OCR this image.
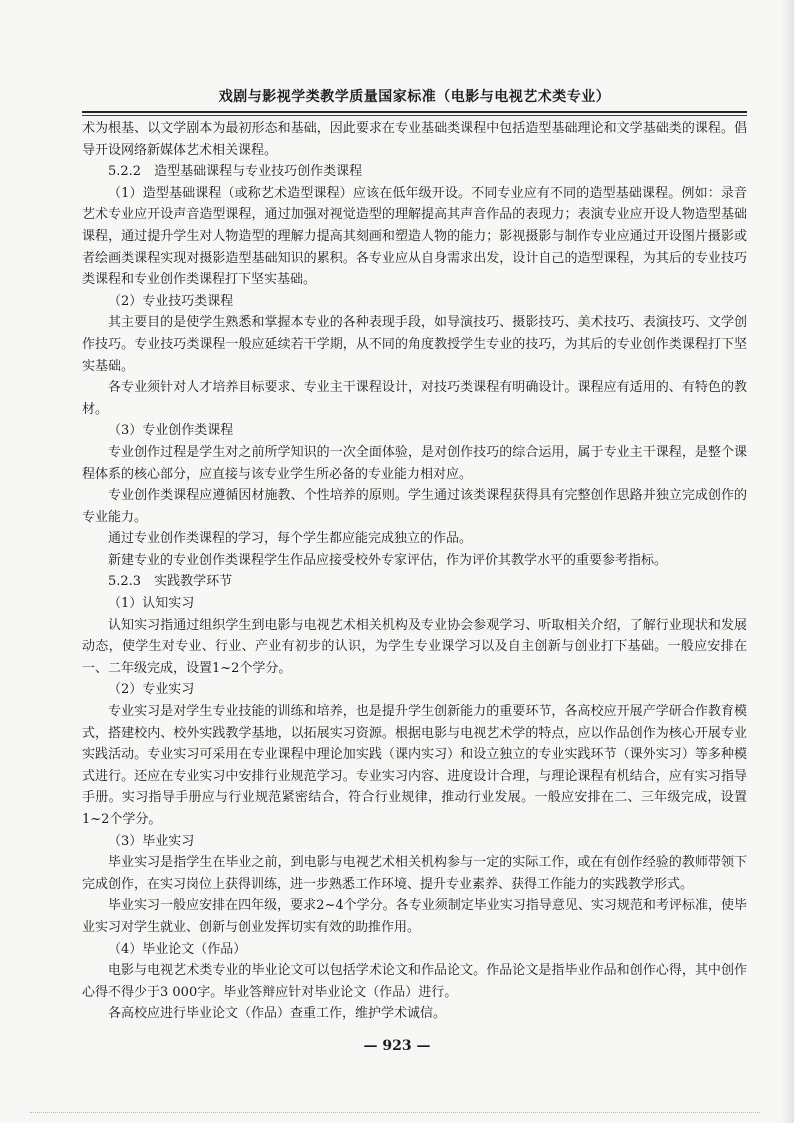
戏剧与影视学类教学质量国家标准（电影与电视艺术类专业）

术为根基、以文学剧本为最初形态和基础，因此要求在专业基础类课程中包括造型基础理论和文学基础类的课程。倡导开设网络新媒体艺术相关课程。

5.2.2　造型基础课程与专业技巧创作类课程

（1）造型基础课程（或称艺术造型课程）应该在低年级开设。不同专业应有不同的造型基础课程。例如：录音艺术专业应开设声音造型课程，通过加强对视觉造型的理解提高其声音作品的表现力；表演专业应开设人物造型基础课程，通过提升学生对人物造型的理解力提高其刻画和塑造人物的能力；影视摄影与制作专业应通过开设图片摄影或者绘画类课程实现对摄影造型基础知识的累积。各专业应从自身需求出发，设计自己的造型课程，为其后的专业技巧类课程和专业创作类课程打下坚实基础。

（2）专业技巧类课程

其主要目的是使学生熟悉和掌握本专业的各种表现手段，如导演技巧、摄影技巧、美术技巧、表演技巧、文学创作技巧。专业技巧类课程一般应延续若干学期，从不同的角度教授学生专业的技巧，为其后的专业创作类课程打下坚实基础。

各专业须针对人才培养目标要求、专业主干课程设计，对技巧类课程有明确设计。课程应有适用的、有特色的教材。

（3）专业创作类课程

专业创作过程是学生对之前所学知识的一次全面体验，是对创作技巧的综合运用，属于专业主干课程，是整个课程体系的核心部分，应直接与该专业学生所必备的专业能力相对应。

专业创作类课程应遵循因材施教、个性培养的原则。学生通过该类课程获得具有完整创作思路并独立完成创作的专业能力。

通过专业创作类课程的学习，每个学生都应能完成独立的作品。

新建专业的专业创作类课程学生作品应接受校外专家评估，作为评价其教学水平的重要参考指标。

5.2.3　实践教学环节

（1）认知实习

认知实习指通过组织学生到电影与电视艺术相关机构及专业协会参观学习、听取相关介绍，了解行业现状和发展动态，使学生对专业、行业、产业有初步的认识，为学生专业课学习以及自主创新与创业打下基础。一般应安排在一、二年级完成，设置1~2个学分。

（2）专业实习

专业实习是对学生专业技能的训练和培养，也是提升学生创新能力的重要环节，各高校应开展产学研合作教育模式，搭建校内、校外实践教学基地，以拓展实习资源。根据电影与电视艺术学的特点，应以作品创作为核心开展专业实践活动。专业实习可采用在专业课程中理论加实践（课内实习）和设立独立的专业实践环节（课外实习）等多种模式进行。还应在专业实习中安排行业规范学习。专业实习内容、进度设计合理，与理论课程有机结合，应有实习指导手册。实习指导手册应与行业规范紧密结合，符合行业规律，推动行业发展。一般应安排在二、三年级完成，设置1~2个学分。

（3）毕业实习

毕业实习是指学生在毕业之前，到电影与电视艺术相关机构参与一定的实际工作，或在有创作经验的教师带领下完成创作，在实习岗位上获得训练，进一步熟悉工作环境、提升专业素养、获得工作能力的实践教学形式。

毕业实习一般应安排在四年级，要求2~4个学分。各专业须制定毕业实习指导意见、实习规范和考评标准，使毕业实习对学生就业、创新与创业发挥切实有效的助推作用。

（4）毕业论文（作品）

电影与电视艺术类专业的毕业论文可以包括学术论文和作品论文。作品论文是指毕业作品和创作心得，其中创作心得不得少于3 000字。毕业答辩应针对毕业论文（作品）进行。

各高校应进行毕业论文（作品）查重工作，维护学术诚信。

— 923 —
